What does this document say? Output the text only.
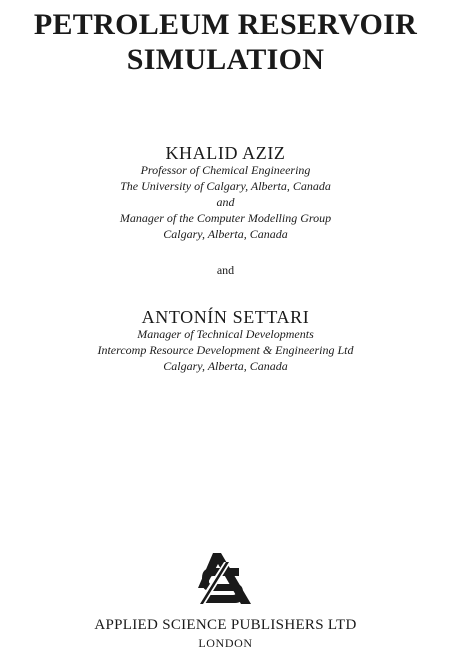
PETROLEUM RESERVOIR
SIMULATION
KHALID AZIZ
Professor of Chemical Engineering
The University of Calgary, Alberta, Canada
and
Manager of the Computer Modelling Group
Calgary, Alberta, Canada
and
ANTONÍN SETTARI
Manager of Technical Developments
Intercomp Resource Development & Engineering Ltd
Calgary, Alberta, Canada
APPLIED SCIENCE PUBLISHERS LTD
LONDON
